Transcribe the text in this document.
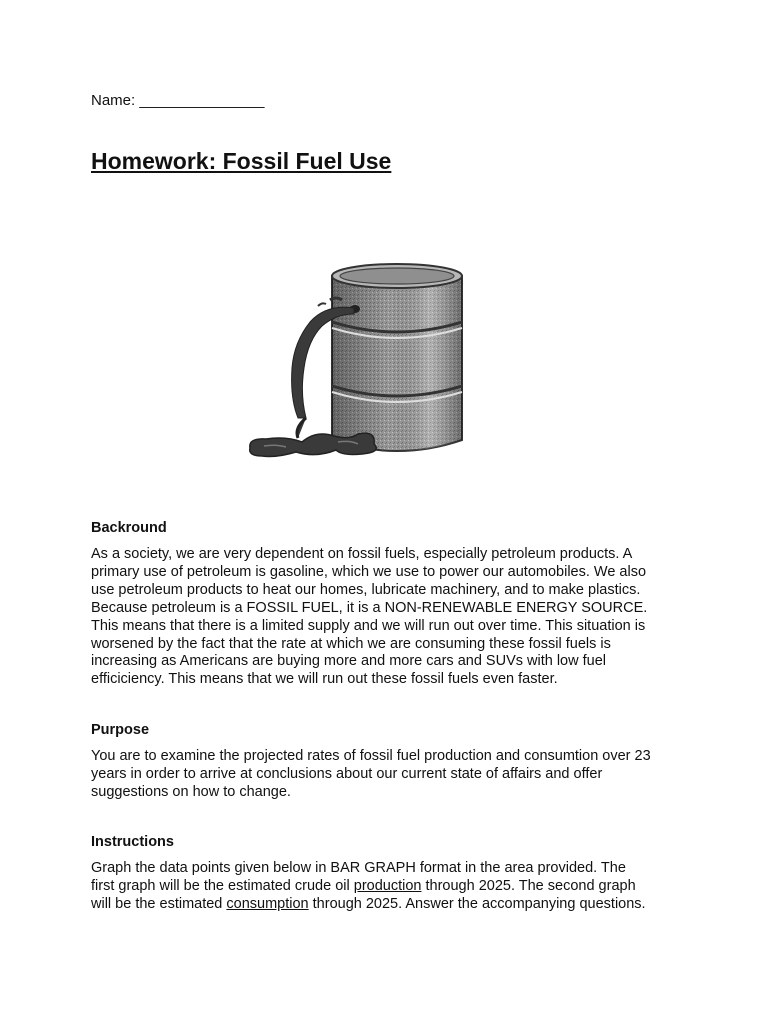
Name: _______________
Homework: Fossil Fuel Use
Backround

As a society, we are very dependent on fossil fuels, especially petroleum products. A
primary use of petroleum is gasoline, which we use to power our automobiles. We also
use petroleum products to heat our homes, lubricate machinery, and to make plastics.
Because petroleum is a FOSSIL FUEL, it is a NON-RENEWABLE ENERGY SOURCE.
This means that there is a limited supply and we will run out over time. This situation is
worsened by the fact that the rate at which we are consuming these fossil fuels is
increasing as Americans are buying more and more cars and SUVs with low fuel
efficiciency. This means that we will run out these fossil fuels even faster.

Purpose

You are to examine the projected rates of fossil fuel production and consumtion over 23
years in order to arrive at conclusions about our current state of affairs and offer
suggestions on how to change.

Instructions

Graph the data points given below in BAR GRAPH format in the area provided. The
first graph will be the estimated crude oil production through 2025. The second graph
will be the estimated consumption through 2025. Answer the accompanying questions.
